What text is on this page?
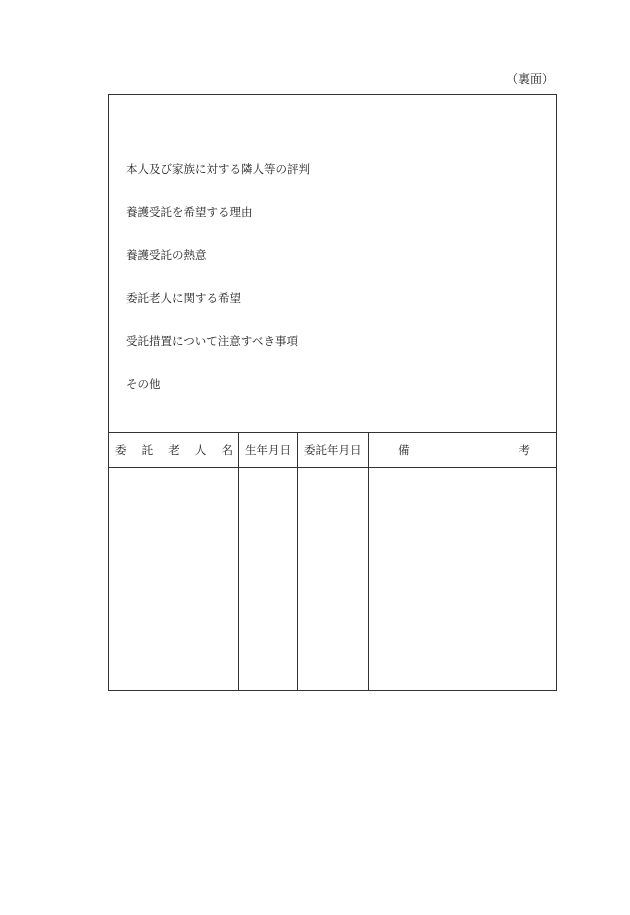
（裏面）
本人及び家族に対する隣人等の評判
養護受託を希望する理由
養護受託の熱意
委託老人に関する希望
受託措置について注意すべき事項
その他
委 託 老 人 名 生年月日 委託年月日	備	考
